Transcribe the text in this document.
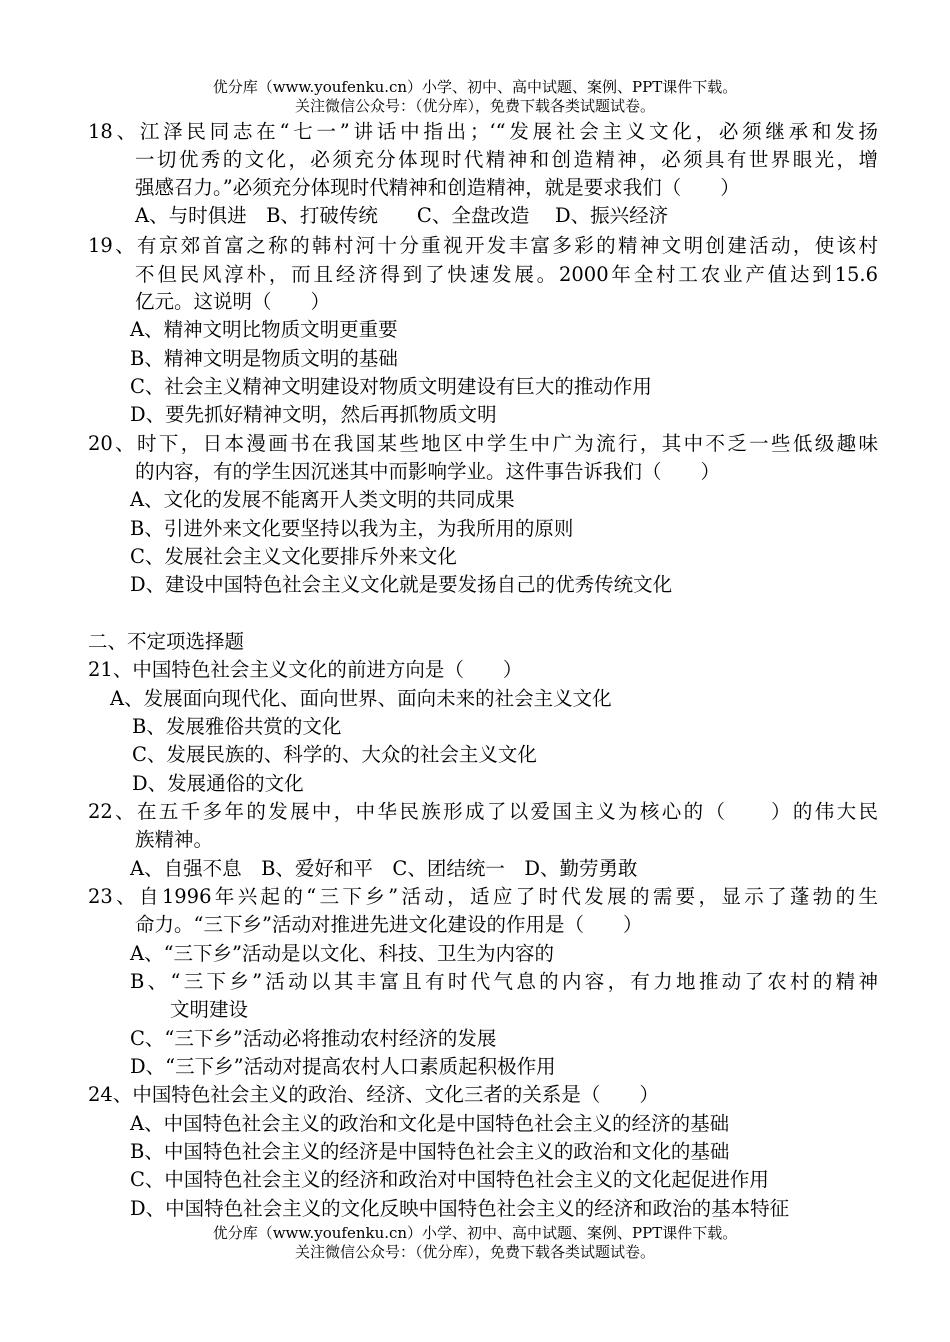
优分库（www.youfenku.cn）小学、初中、高中试题、案例、PPT课件下载。
关注微信公众号：（优分库），免费下载各类试题试卷。
18、江泽民同志在“七一”讲话中指出；‘“发展社会主义文化，必须继承和发扬
一切优秀的文化，必须充分体现时代精神和创造精神，必须具有世界眼光，增
强感召力。”必须充分体现时代精神和创造精神，就是要求我们（　　）
A、与时俱进　B、打破传统　　C、全盘改造　 D、振兴经济
19、有京郊首富之称的韩村河十分重视开发丰富多彩的精神文明创建活动，使该村
不但民风淳朴，而且经济得到了快速发展。2000年全村工农业产值达到15.6
亿元。这说明（　　）
A、精神文明比物质文明更重要
B、精神文明是物质文明的基础
C、社会主义精神文明建设对物质文明建设有巨大的推动作用
D、要先抓好精神文明，然后再抓物质文明
20、时下，日本漫画书在我国某些地区中学生中广为流行，其中不乏一些低级趣味
的内容，有的学生因沉迷其中而影响学业。这件事告诉我们（　　）
A、文化的发展不能离开人类文明的共同成果
B、引进外来文化要坚持以我为主，为我所用的原则
C、发展社会主义文化要排斥外来文化
D、建设中国特色社会主义文化就是要发扬自己的优秀传统文化
二、不定项选择题
21、中国特色社会主义文化的前进方向是（　　）
A、发展面向现代化、面向世界、面向未来的社会主义文化
B、发展雅俗共赏的文化
C、发展民族的、科学的、大众的社会主义文化
D、发展通俗的文化
22、在五千多年的发展中，中华民族形成了以爱国主义为核心的（　　）的伟大民
族精神。
A、自强不息　B、爱好和平　C、团结统一　D、勤劳勇敢
23、自1996年兴起的“三下乡”活动，适应了时代发展的需要，显示了蓬勃的生
命力。“三下乡”活动对推进先进文化建设的作用是（　　）
A、“三下乡”活动是以文化、科技、卫生为内容的
B、“三下乡”活动以其丰富且有时代气息的内容，有力地推动了农村的精神
文明建设
C、“三下乡”活动必将推动农村经济的发展
D、“三下乡”活动对提高农村人口素质起积极作用
24、中国特色社会主义的政治、经济、文化三者的关系是（　　）
A、中国特色社会主义的政治和文化是中国特色社会主义的经济的基础
B、中国特色社会主义的经济是中国特色社会主义的政治和文化的基础
C、中国特色社会主义的经济和政治对中国特色社会主义的文化起促进作用
D、中国特色社会主义的文化反映中国特色社会主义的经济和政治的基本特征
优分库（www.youfenku.cn）小学、初中、高中试题、案例、PPT课件下载。
关注微信公众号：（优分库），免费下载各类试题试卷。
